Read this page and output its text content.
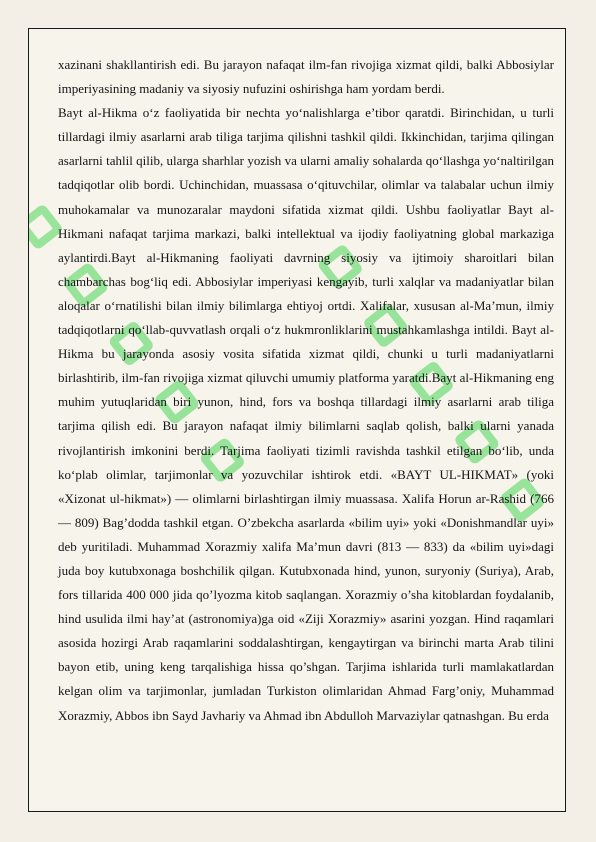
xazinani shakllantirish edi. Bu jarayon nafaqat ilm-fan rivojiga xizmat qildi, balki Abbosiylar imperiyasining madaniy va siyosiy nufuzini oshirishga ham yordam berdi.

Bayt al-Hikma o‘z faoliyatida bir nechta yo‘nalishlarga e’tibor qaratdi. Birinchidan, u turli tillardagi ilmiy asarlarni arab tiliga tarjima qilishni tashkil qildi. Ikkinchidan, tarjima qilingan asarlarni tahlil qilib, ularga sharhlar yozish va ularni amaliy sohalarda qo‘llashga yo‘naltirilgan tadqiqotlar olib bordi. Uchinchidan, muassasa o‘qituvchilar, olimlar va talabalar uchun ilmiy muhokamalar va munozaralar maydoni sifatida xizmat qildi. Ushbu faoliyatlar Bayt al-Hikmani nafaqat tarjima markazi, balki intellektual va ijodiy faoliyatning global markaziga aylantirdi.Bayt al-Hikmaning faoliyati davrning siyosiy va ijtimoiy sharoitlari bilan chambarchas bog‘liq edi. Abbosiylar imperiyasi kengayib, turli xalqlar va madaniyatlar bilan aloqalar o‘rnatilishi bilan ilmiy bilimlarga ehtiyoj ortdi. Xalifalar, xususan al-Ma’mun, ilmiy tadqiqotlarni qo‘llab-quvvatlash orqali o‘z hukmronliklarini mustahkamlashga intildi. Bayt al-Hikma bu jarayonda asosiy vosita sifatida xizmat qildi, chunki u turli madaniyatlarni birlashtirib, ilm-fan rivojiga xizmat qiluvchi umumiy platforma yaratdi.Bayt al-Hikmaning eng muhim yutuqlaridan biri yunon, hind, fors va boshqa tillardagi ilmiy asarlarni arab tiliga tarjima qilish edi. Bu jarayon nafaqat ilmiy bilimlarni saqlab qolish, balki ularni yanada rivojlantirish imkonini berdi. Tarjima faoliyati tizimli ravishda tashkil etilgan bo‘lib, unda ko‘plab olimlar, tarjimonlar va yozuvchilar ishtirok etdi. «BAYT UL-HIKMAT» (yoki «Xizonat ul-hikmat») — olimlarni birlashtirgan ilmiy muassasa. Xalifa Horun ar-Rashid (766 — 809) Bag’dodda tashkil etgan. O’zbekcha asarlarda «bilim uyi» yoki «Donishmandlar uyi» deb yuritiladi. Muhammad Xorazmiy xalifa Ma’mun davri (813 — 833) da «bilim uyi»dagi juda boy kutubxonaga boshchilik qilgan. Kutubxonada hind, yunon, suryoniy (Suriya), Arab, fors tillarida 400 000 jida qo’lyozma kitob saqlangan. Xorazmiy o’sha kitoblardan foydalanib, hind usulida ilmi hay’at (astronomiya)ga oid «Ziji Xorazmiy» asarini yozgan. Hind raqamlari asosida hozirgi Arab raqamlarini soddalashtirgan, kengaytirgan va birinchi marta Arab tilini bayon etib, uning keng tarqalishiga hissa qo’shgan. Tarjima ishlarida turli mamlakatlardan kelgan olim va tarjimonlar, jumladan Turkiston olimlaridan Ahmad Farg’oniy, Muhammad Xorazmiy, Abbos ibn Sayd Javhariy va Ahmad ibn Abdulloh Marvaziylar qatnashgan. Bu erda
